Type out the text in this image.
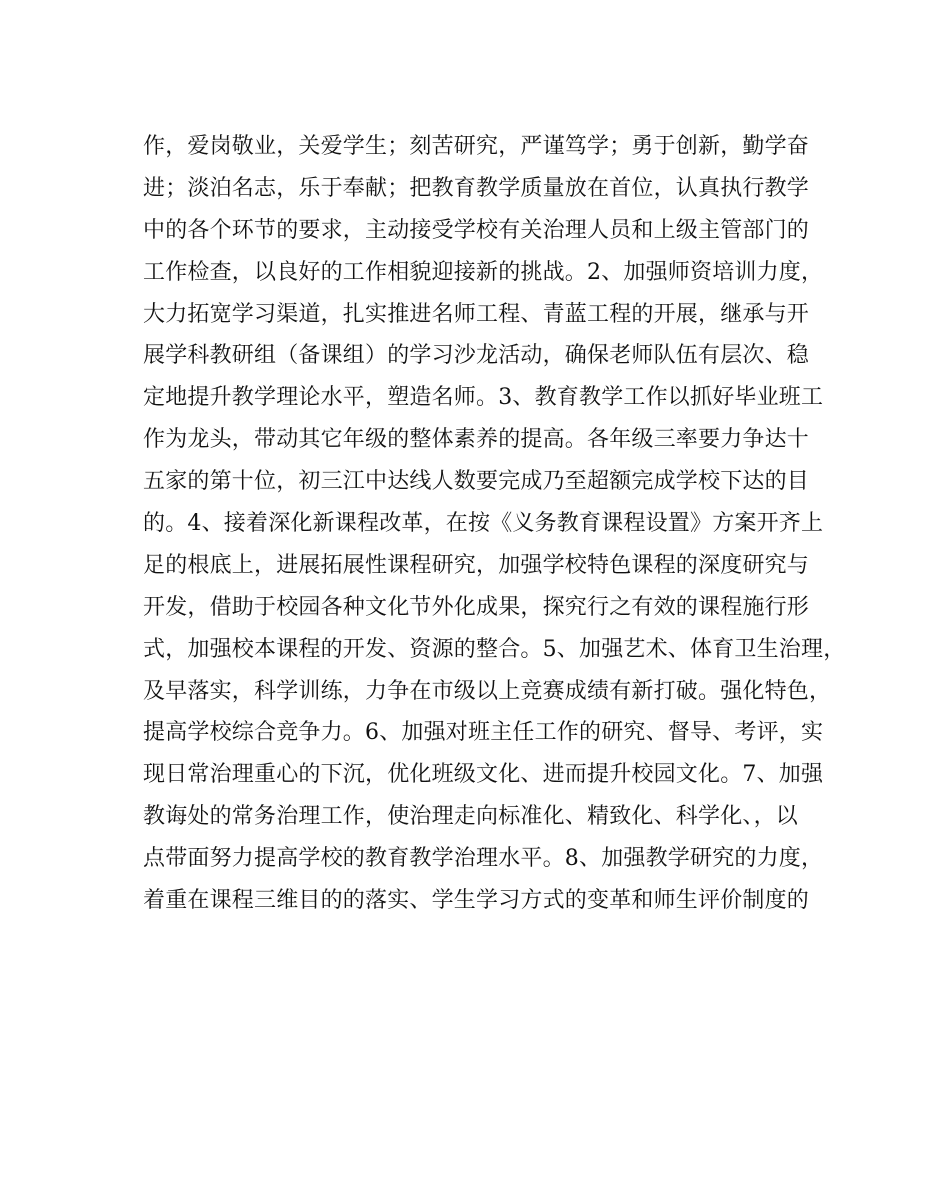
作，爱岗敬业，关爱学生；刻苦研究，严谨笃学；勇于创新，勤学奋
进；淡泊名志，乐于奉献；把教育教学质量放在首位，认真执行教学
中的各个环节的要求，主动接受学校有关治理人员和上级主管部门的
工作检查，以良好的工作相貌迎接新的挑战。2、加强师资培训力度，
大力拓宽学习渠道，扎实推进名师工程、青蓝工程的开展，继承与开
展学科教研组（备课组）的学习沙龙活动，确保老师队伍有层次、稳
定地提升教学理论水平，塑造名师。3、教育教学工作以抓好毕业班工
作为龙头，带动其它年级的整体素养的提高。各年级三率要力争达十
五家的第十位，初三江中达线人数要完成乃至超额完成学校下达的目
的。4、接着深化新课程改革，在按《义务教育课程设置》方案开齐上
足的根底上，进展拓展性课程研究，加强学校特色课程的深度研究与
开发，借助于校园各种文化节外化成果，探究行之有效的课程施行形
式，加强校本课程的开发、资源的整合。5、加强艺术、体育卫生治理，
及早落实，科学训练，力争在市级以上竞赛成绩有新打破。强化特色，
提高学校综合竞争力。6、加强对班主任工作的研究、督导、考评，实
现日常治理重心的下沉，优化班级文化、进而提升校园文化。7、加强
教诲处的常务治理工作，使治理走向标准化、精致化、科学化、，以
点带面努力提高学校的教育教学治理水平。8、加强教学研究的力度，
着重在课程三维目的的落实、学生学习方式的变革和师生评价制度的
